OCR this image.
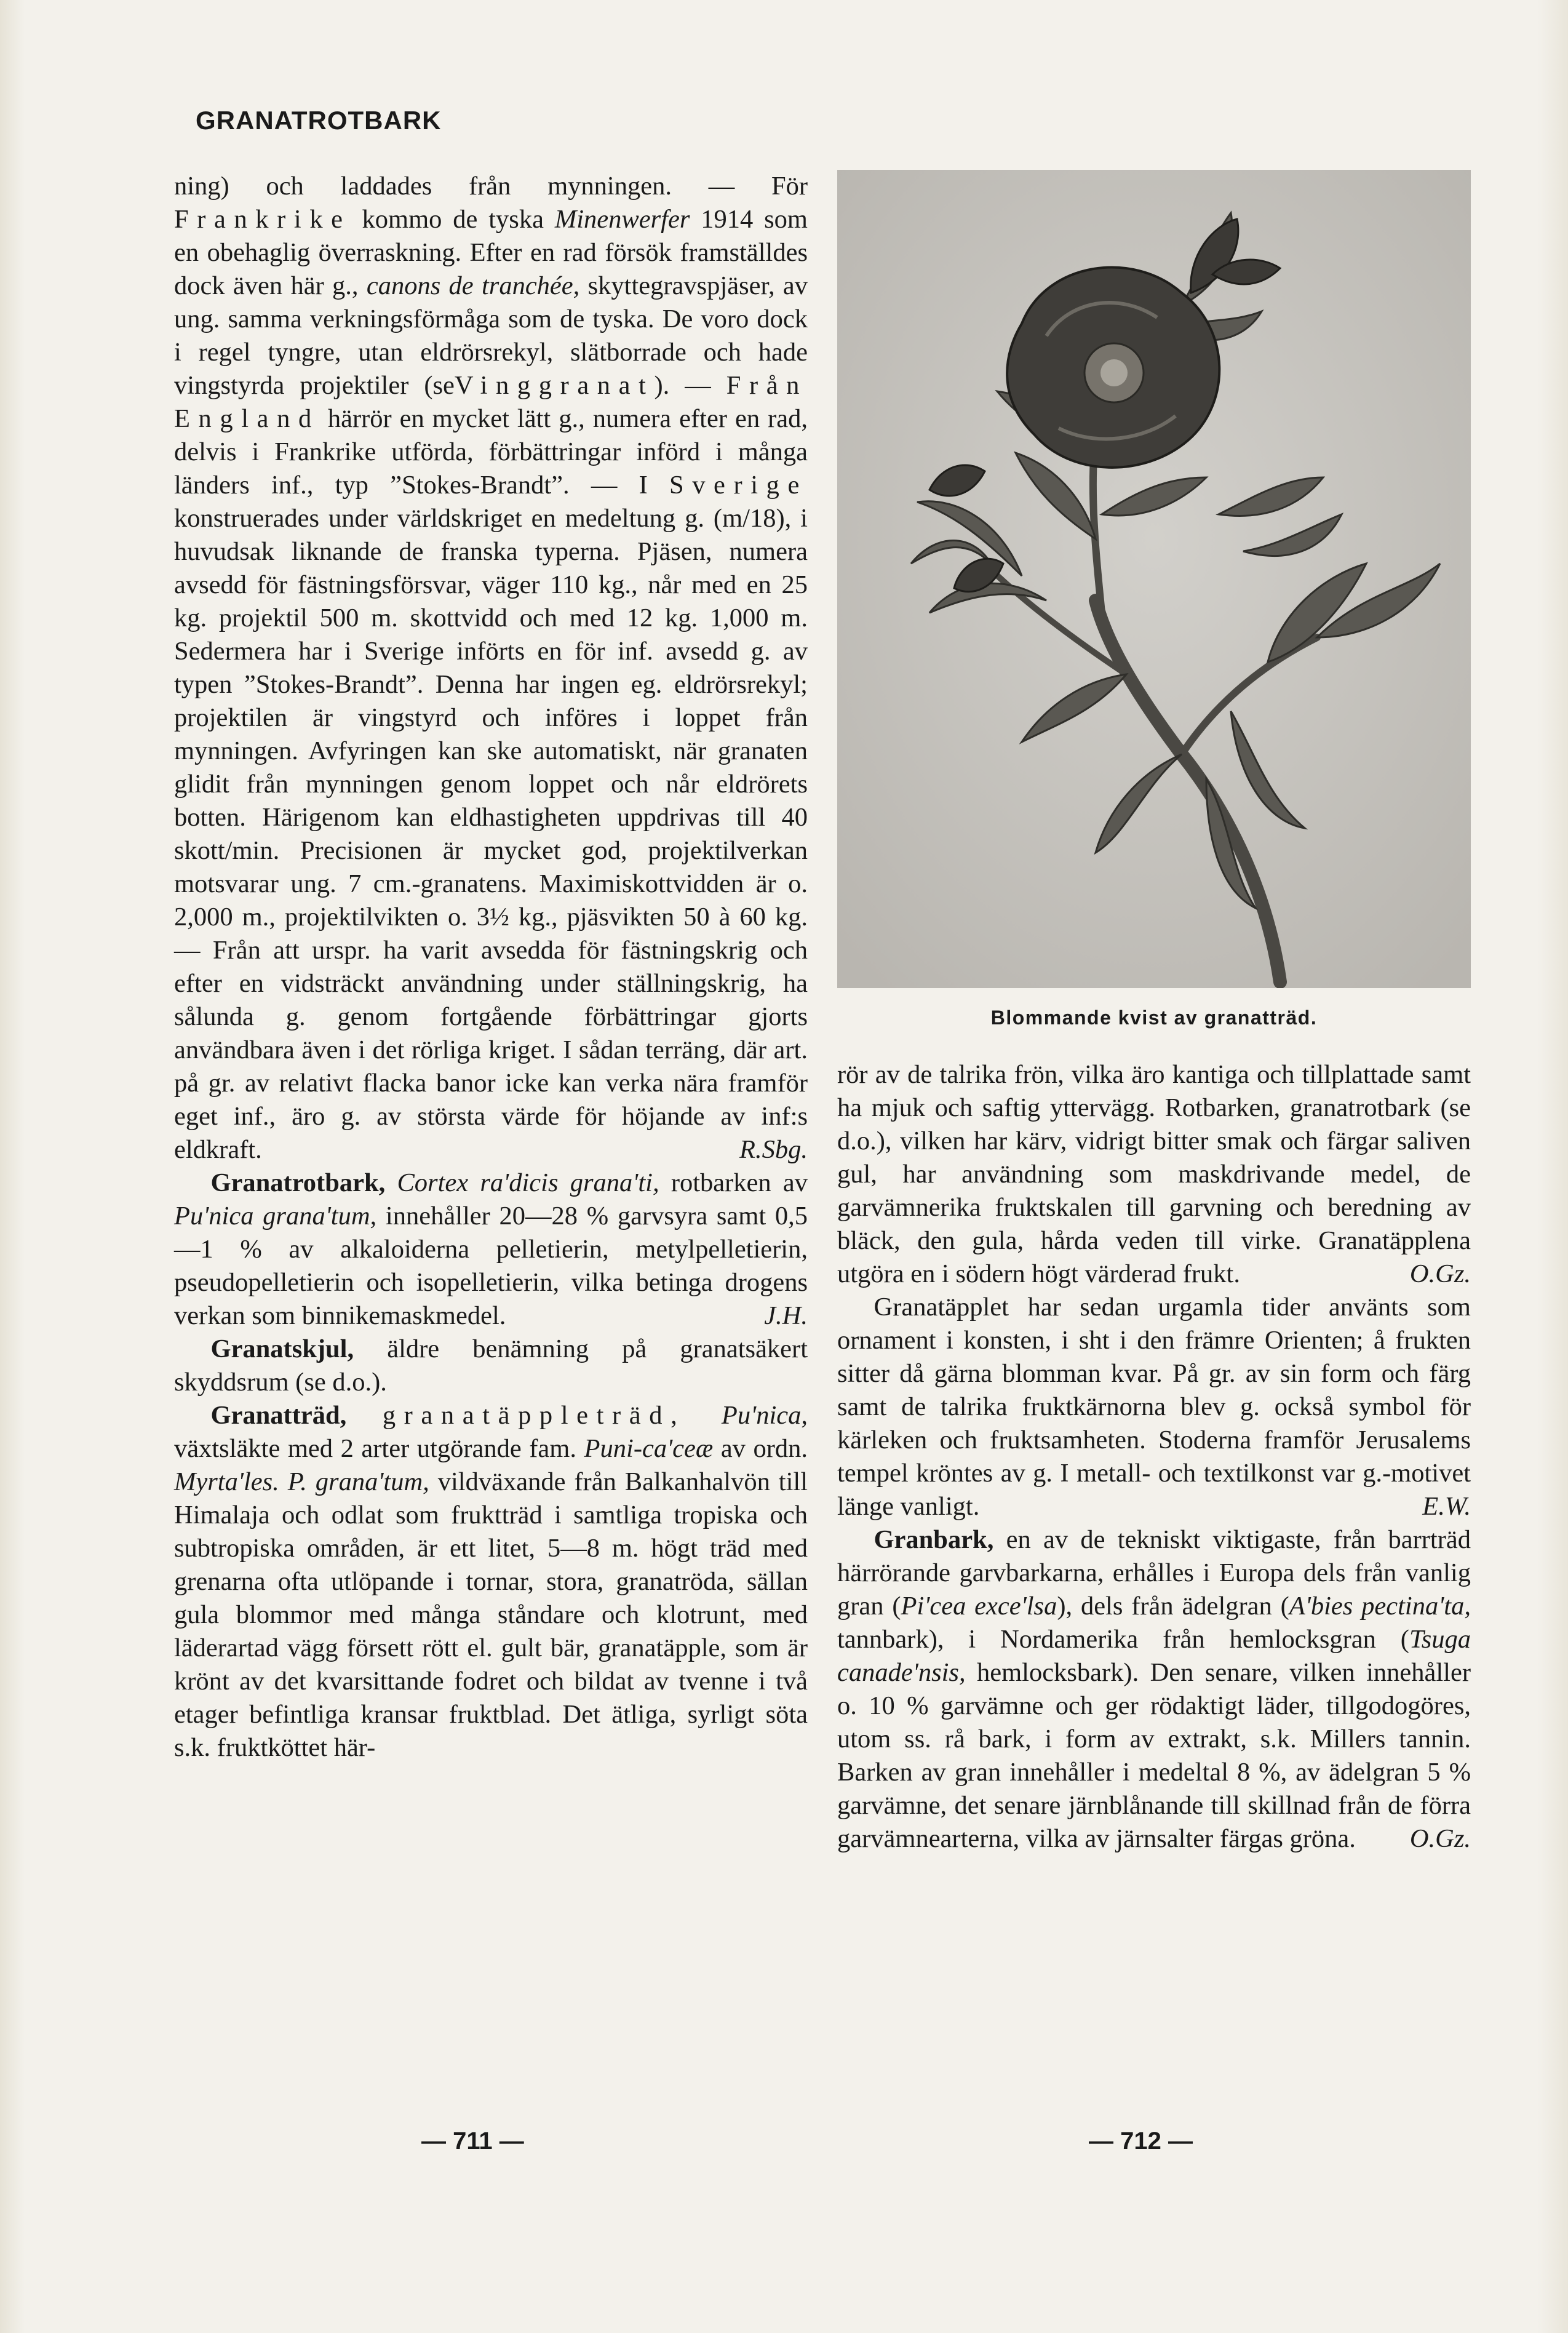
GRANATROTBARK

ning) och laddades från mynningen. — För Frankrike kommo de tyska Minenwerfer 1914 som en obehaglig överraskning. Efter en rad försök framställdes dock även här g., canons de tranchée, skyttegravspjäser, av ung. samma verkningsförmåga som de tyska. De voro dock i regel tyngre, utan eldrörsrekyl, slätborrade och hade vingstyrda projektiler (seVinggranat). — Från England härrör en mycket lätt g., numera efter en rad, delvis i Frankrike utförda, förbättringar införd i många länders inf., typ ”Stokes-Brandt”. — I Sverige konstruerades under världskriget en medeltung g. (m/18), i huvudsak liknande de franska typerna. Pjäsen, numera avsedd för fästningsförsvar, väger 110 kg., når med en 25 kg. projektil 500 m. skottvidd och med 12 kg. 1,000 m. Sedermera har i Sverige införts en för inf. avsedd g. av typen ”Stokes-Brandt”. Denna har ingen eg. eldrörsrekyl; projektilen är vingstyrd och införes i loppet från mynningen. Avfyringen kan ske automatiskt, när granaten glidit från mynningen genom loppet och når eldrörets botten. Härigenom kan eldhastigheten uppdrivas till 40 skott/min. Precisionen är mycket god, projektilverkan motsvarar ung. 7 cm.-granatens. Maximiskottvidden är o. 2,000 m., projektilvikten o. 3½ kg., pjäsvikten 50 à 60 kg. — Från att urspr. ha varit avsedda för fästningskrig och efter en vidsträckt användning under ställningskrig, ha sålunda g. genom fortgående förbättringar gjorts användbara även i det rörliga kriget. I sådan terräng, där art. på gr. av relativt flacka banor icke kan verka nära framför eget inf., äro g. av största värde för höjande av inf:s eldkraft.	R.Sbg.

Granatrotbark, Cortex ra'dicis grana'ti, rotbarken av Pu'nica grana'tum, innehåller 20—28 % garvsyra samt 0,5—1 % av alkaloiderna pelletierin, metylpelletierin, pseudopelletierin och isopelletierin, vilka betinga drogens verkan som binnikemaskmedel.	J.H.

Granatskjul, äldre benämning på granatsäkert skyddsrum (se d.o.).

Granatträd, granatäppleträd, Pu'nica, växtsläkte med 2 arter utgörande fam. Puni-ca'ceæ av ordn. Myrta'les. P. grana'tum, vildväxande från Balkanhalvön till Himalaja och odlat som fruktträd i samtliga tropiska och subtropiska områden, är ett litet, 5—8 m. högt träd med grenarna ofta utlöpande i tornar, stora, granatröda, sällan gula blommor med många ståndare och klotrunt, med läderartad vägg försett rött el. gult bär, granatäpple, som är krönt av det kvarsittande fodret och bildat av tvenne i två etager befintliga kransar fruktblad. Det ätliga, syrligt söta s.k. fruktköttet här-

Blommande kvist av granatträd.

rör av de talrika frön, vilka äro kantiga och tillplattade samt ha mjuk och saftig yttervägg. Rotbarken, granatrotbark (se d.o.), vilken har kärv, vidrigt bitter smak och färgar saliven gul, har användning som maskdrivande medel, de garvämnerika fruktskalen till garvning och beredning av bläck, den gula, hårda veden till virke. Granatäpplena utgöra en i södern högt värderad frukt.	O.Gz.

Granatäpplet har sedan urgamla tider använts som ornament i konsten, i sht i den främre Orienten; å frukten sitter då gärna blomman kvar. På gr. av sin form och färg samt de talrika fruktkärnorna blev g. också symbol för kärleken och fruktsamheten. Stoderna framför Jerusalems tempel kröntes av g. I metall- och textilkonst var g.-motivet länge vanligt.	E.W.

Granbark, en av de tekniskt viktigaste, från barrträd härrörande garvbarkarna, erhålles i Europa dels från vanlig gran (Pi'cea exce'lsa), dels från ädelgran (A'bies pectina'ta, tannbark), i Nordamerika från hemlocksgran (Tsuga canade'nsis, hemlocksbark). Den senare, vilken innehåller o. 10 % garvämne och ger rödaktigt läder, tillgodogöres, utom ss. rå bark, i form av extrakt, s.k. Millers tannin. Barken av gran innehåller i medeltal 8 %, av ädelgran 5 % garvämne, det senare järnblånande till skillnad från de förra garvämnearterna, vilka av järnsalter färgas gröna.	O.Gz.

— 711 —	— 712 —
